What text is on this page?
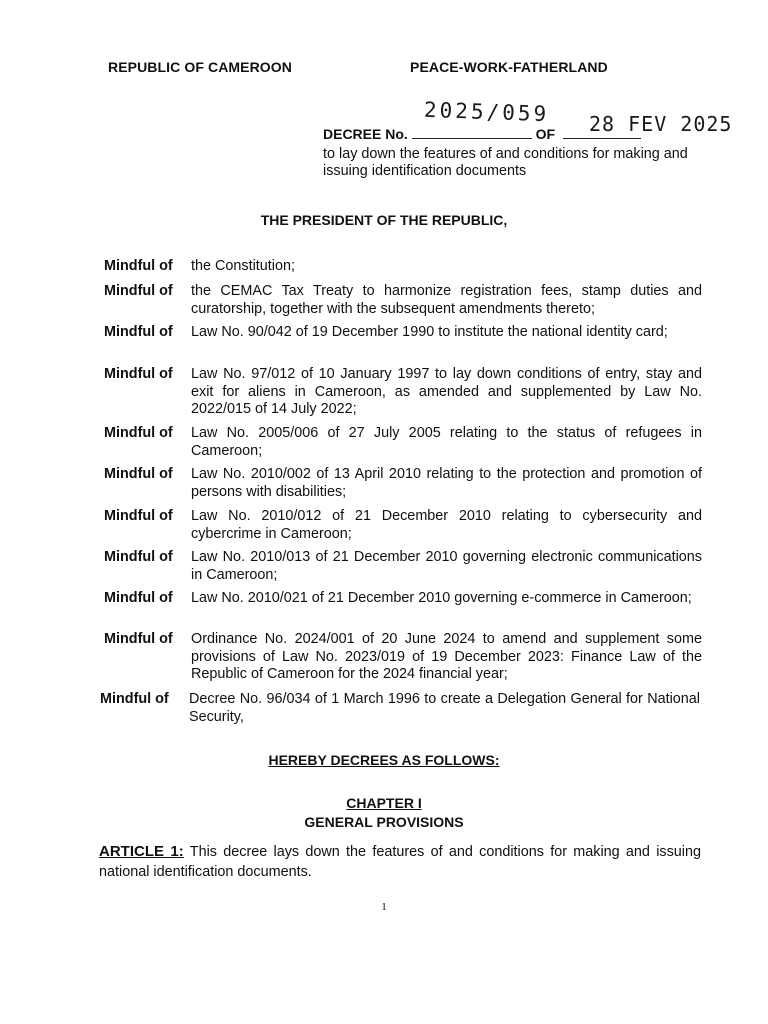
REPUBLIC OF CAMEROON	PEACE-WORK-FATHERLAND
2025/059 28 FEV 2025
DECREE No.	OF
to lay down the features of and conditions for making and issuing identification documents
THE PRESIDENT OF THE REPUBLIC,
Mindful of the Constitution;
Mindful of the CEMAC Tax Treaty to harmonize registration fees, stamp duties and curatorship, together with the subsequent amendments thereto;
Mindful of Law No. 90/042 of 19 December 1990 to institute the national identity card;
Mindful of Law No. 97/012 of 10 January 1997 to lay down conditions of entry, stay and exit for aliens in Cameroon, as amended and supplemented by Law No. 2022/015 of 14 July 2022;
Mindful of Law No. 2005/006 of 27 July 2005 relating to the status of refugees in Cameroon;
Mindful of Law No. 2010/002 of 13 April 2010 relating to the protection and promotion of persons with disabilities;
Mindful of Law No. 2010/012 of 21 December 2010 relating to cybersecurity and cybercrime in Cameroon;
Mindful of Law No. 2010/013 of 21 December 2010 governing electronic communications in Cameroon;
Mindful of Law No. 2010/021 of 21 December 2010 governing e-commerce in Cameroon;
Mindful of Ordinance No. 2024/001 of 20 June 2024 to amend and supplement some provisions of Law No. 2023/019 of 19 December 2023: Finance Law of the Republic of Cameroon for the 2024 financial year;
Mindful of Decree No. 96/034 of 1 March 1996 to create a Delegation General for National Security,
HEREBY DECREES AS FOLLOWS:
CHAPTER I
GENERAL PROVISIONS
ARTICLE 1: This decree lays down the features of and conditions for making and issuing national identification documents.
1
